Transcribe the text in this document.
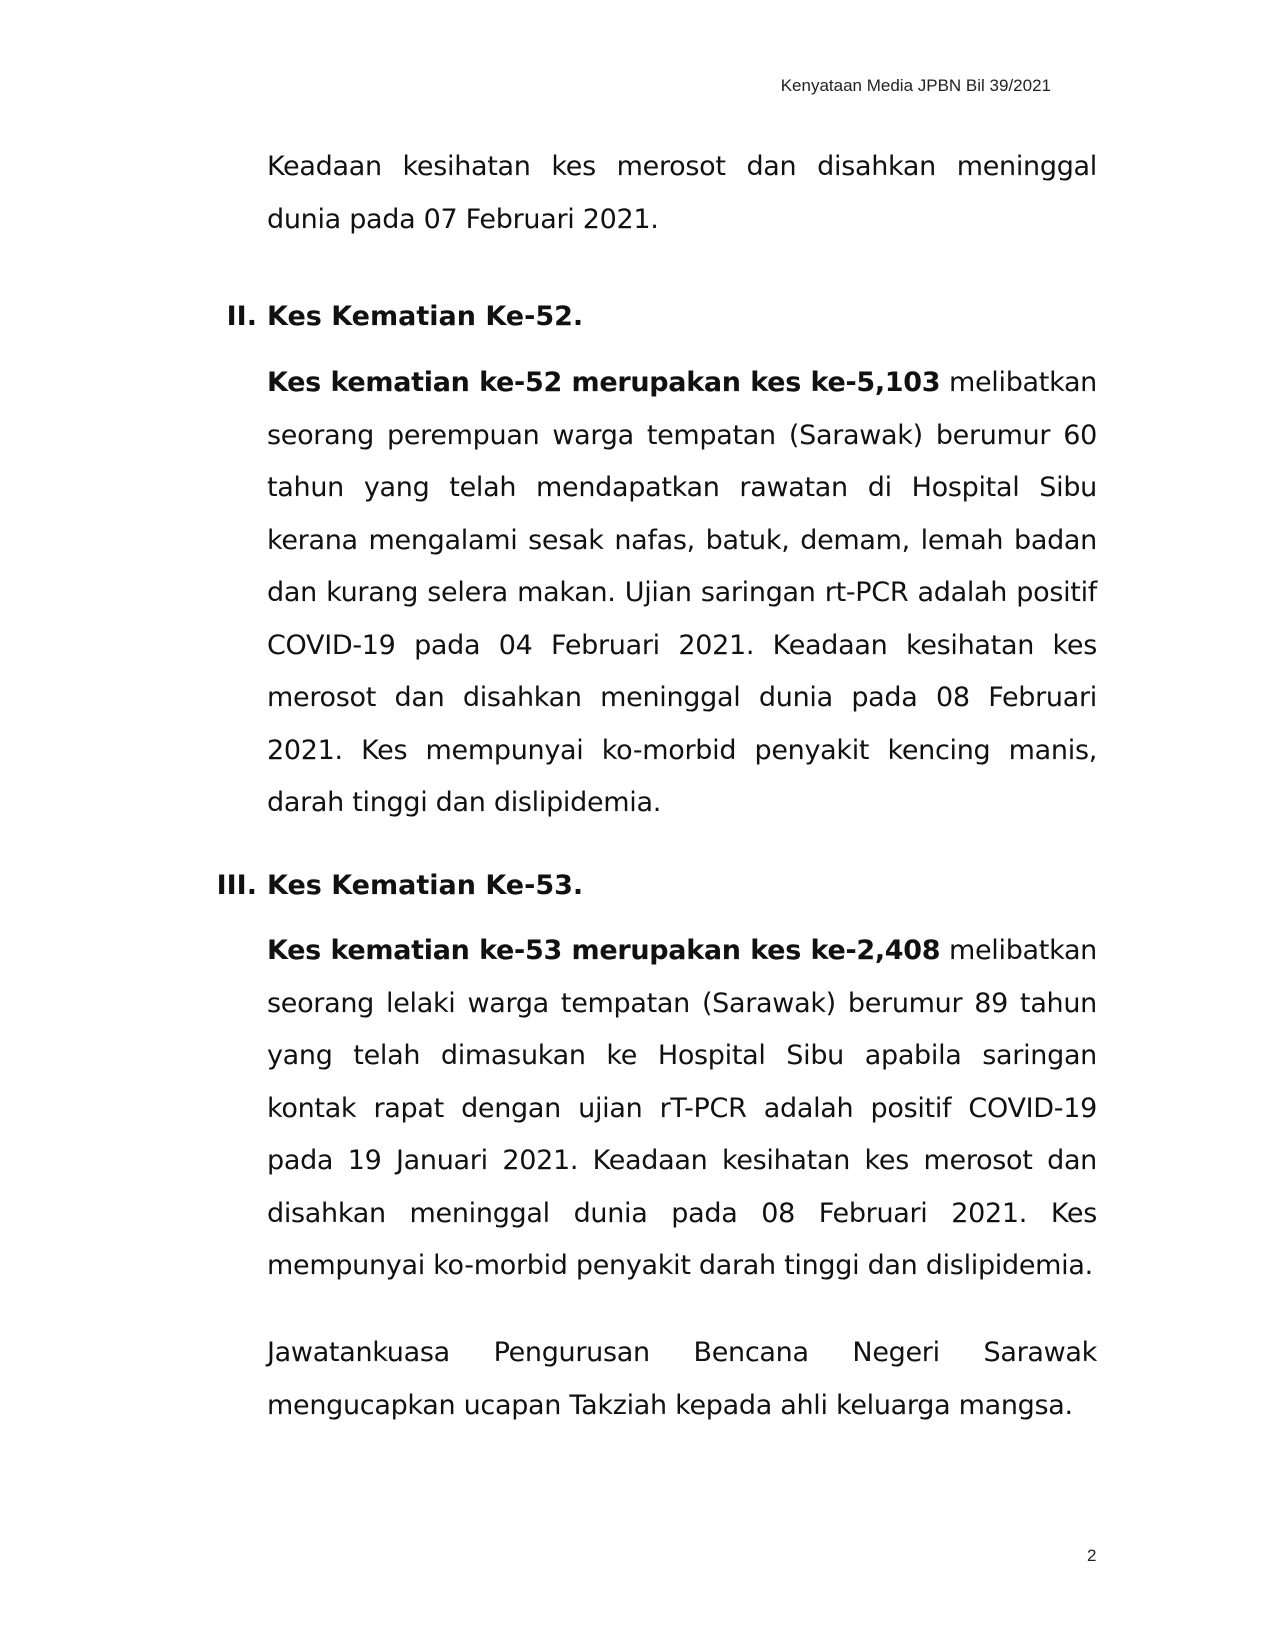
Kenyataan Media JPBN Bil 39/2021
Keadaan kesihatan kes merosot dan disahkan meninggal dunia pada 07 Februari 2021.
II. Kes Kematian Ke-52.
Kes kematian ke-52 merupakan kes ke-5,103 melibatkan seorang perempuan warga tempatan (Sarawak) berumur 60 tahun yang telah mendapatkan rawatan di Hospital Sibu kerana mengalami sesak nafas, batuk, demam, lemah badan dan kurang selera makan. Ujian saringan rt-PCR adalah positif COVID-19 pada 04 Februari 2021. Keadaan kesihatan kes merosot dan disahkan meninggal dunia pada 08 Februari 2021. Kes mempunyai ko-morbid penyakit kencing manis, darah tinggi dan dislipidemia.
III. Kes Kematian Ke-53.
Kes kematian ke-53 merupakan kes ke-2,408 melibatkan seorang lelaki warga tempatan (Sarawak) berumur 89 tahun yang telah dimasukan ke Hospital Sibu apabila saringan kontak rapat dengan ujian rT-PCR adalah positif COVID-19 pada 19 Januari 2021. Keadaan kesihatan kes merosot dan disahkan meninggal dunia pada 08 Februari 2021. Kes mempunyai ko-morbid penyakit darah tinggi dan dislipidemia.
Jawatankuasa Pengurusan Bencana Negeri Sarawak
mengucapkan ucapan Takziah kepada ahli keluarga mangsa.
2
